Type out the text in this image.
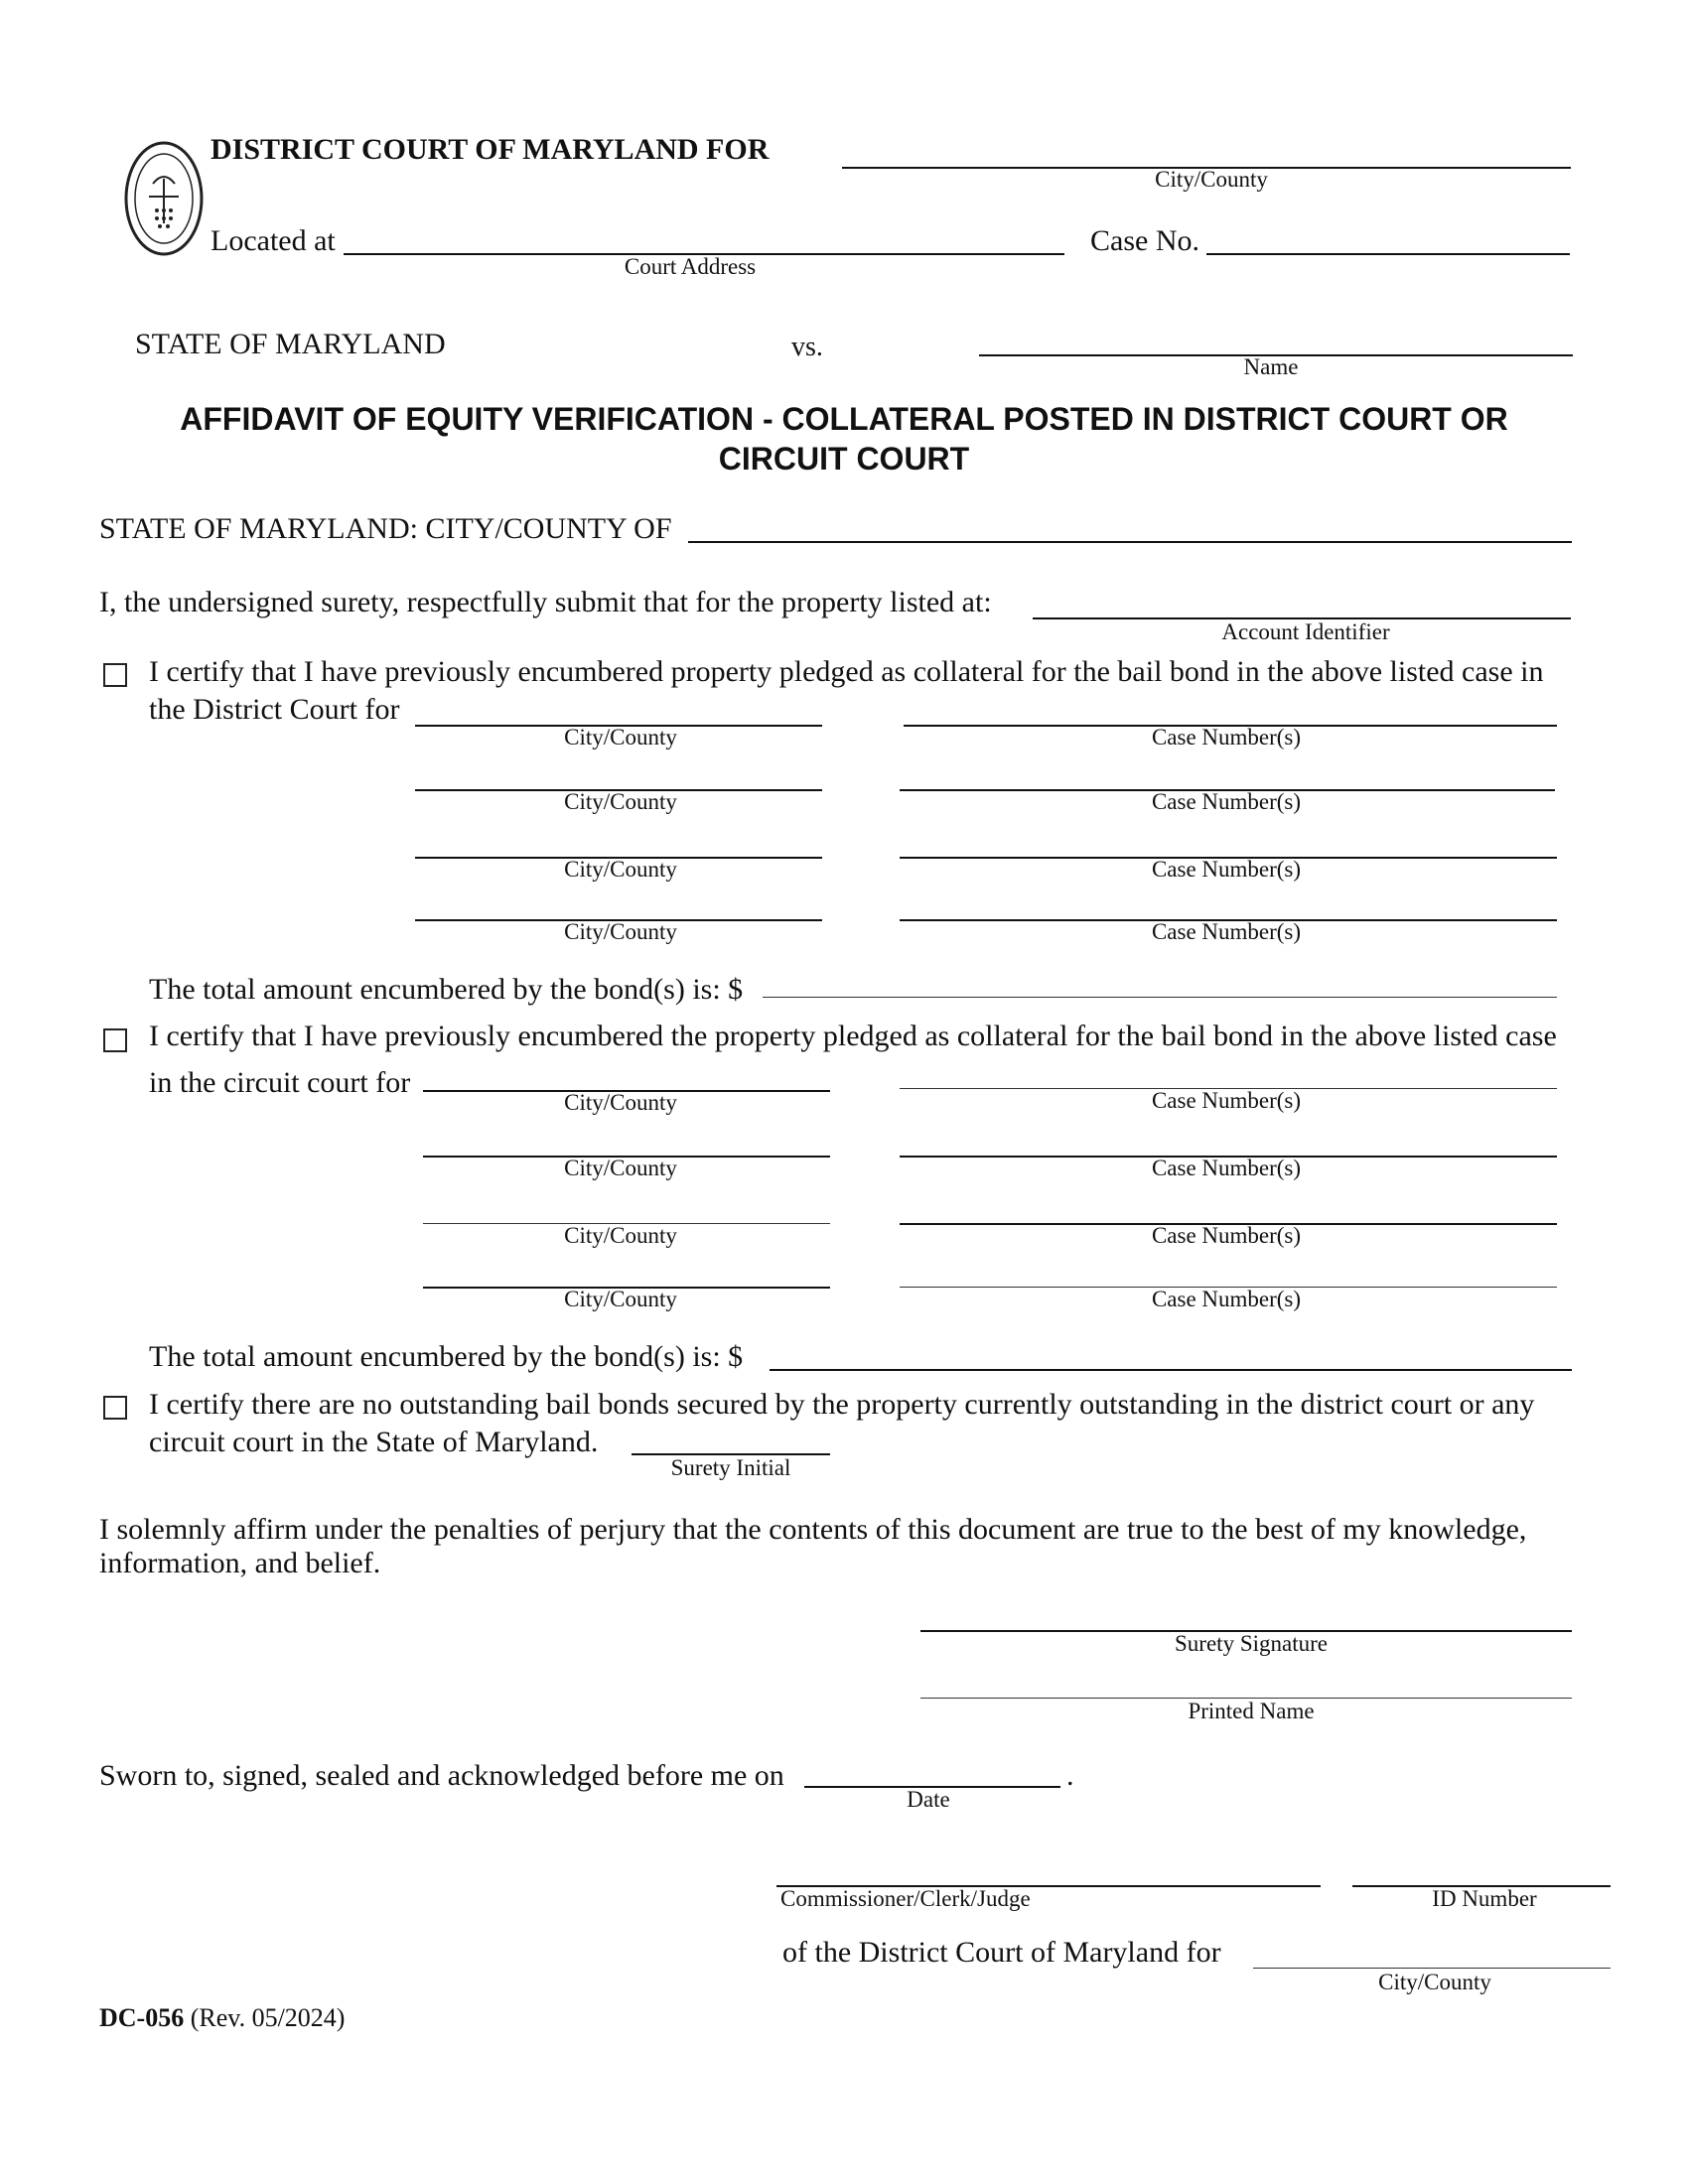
DISTRICT COURT OF MARYLAND FOR
City/County
Located at
Court Address
Case No.
STATE OF MARYLAND	vs.
Name
AFFIDAVIT OF EQUITY VERIFICATION - COLLATERAL POSTED IN DISTRICT COURT OR
CIRCUIT COURT
STATE OF MARYLAND: CITY/COUNTY OF
I, the undersigned surety, respectfully submit that for the property listed at:
Account Identifier
I certify that I have previously encumbered property pledged as collateral for the bail bond in the above listed case in
the District Court for
City/County	Case Number(s)
City/County	Case Number(s)
City/County	Case Number(s)
City/County	Case Number(s)
The total amount encumbered by the bond(s) is: $
I certify that I have previously encumbered the property pledged as collateral for the bail bond in the above listed case
in the circuit court for
City/County	Case Number(s)
City/County	Case Number(s)
City/County	Case Number(s)
City/County	Case Number(s)
The total amount encumbered by the bond(s) is: $
I certify there are no outstanding bail bonds secured by the property currently outstanding in the district court or any
circuit court in the State of Maryland.
Surety Initial
I solemnly affirm under the penalties of perjury that the contents of this document are true to the best of my knowledge,
information, and belief.
Surety Signature
Printed Name
Sworn to, signed, sealed and acknowledged before me on	.
Date
Commissioner/Clerk/Judge	ID Number
of the District Court of Maryland for
City/County
DC-056 (Rev. 05/2024)
